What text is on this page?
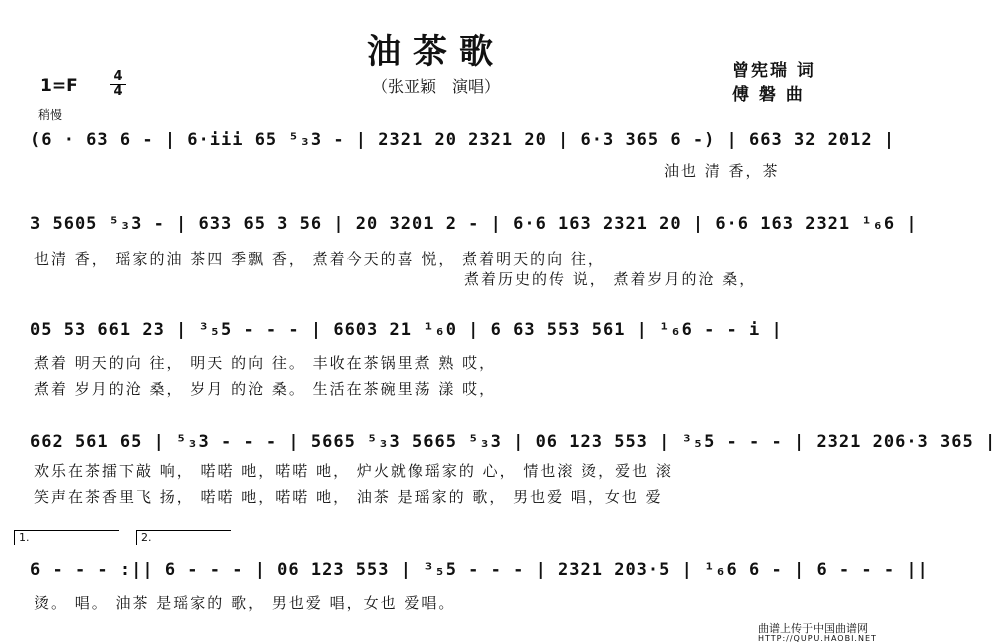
油茶歌
（张亚颖　演唱）
曾宪瑞 词
傅 磐 曲
1=F	4
4
稍慢
(6 · 63 6 - | 6·iii 65 ⁵₃3 - | 2321 20 2321 20 | 6·3 365 6 -) | 663 32 2012 |
油也 清 香，茶
3 5605 ⁵₃3 - | 633 65 3 56 | 20 3201 2 - | 6·6 163 2321 20 | 6·6 163 2321 ¹₆6 |
也清 香， 瑶家的油 茶四 季飘 香， 煮着今天的喜 悦， 煮着明天的向 往，
煮着历史的传 说， 煮着岁月的沧 桑，
05 53 661 23 | ³₅5 - - - | 6603 21 ¹₆0 | 6 63 553 561 | ¹₆6 - - i |
煮着 明天的向 往， 明天 的向 往。 丰收在茶锅里煮 熟 哎，
煮着 岁月的沧 桑， 岁月 的沧 桑。 生活在茶碗里荡 漾 哎，
662 561 65 | ⁵₃3 - - - | 5665 ⁵₃3 5665 ⁵₃3 | 06 123 553 | ³₅5 - - - | 2321 206·3 365 |
欢乐在茶擂下敲 响， 喏喏 吔，喏喏 吔， 炉火就像瑶家的 心， 情也滚 烫，爱也 滚
笑声在茶香里飞 扬， 喏喏 吔，喏喏 吔， 油茶 是瑶家的 歌， 男也爱 唱，女也 爱
1.	2.
6 - - - :|| 6 - - - | 06 123 553 | ³₅5 - - - | 2321 203·5 | ¹₆6 6 - | 6 - - - ||
烫。 唱。 油茶 是瑶家的 歌， 男也爱 唱，女也 爱唱。
曲谱上传于中国曲谱网
HTTP://QUPU.HAOBI.NET
